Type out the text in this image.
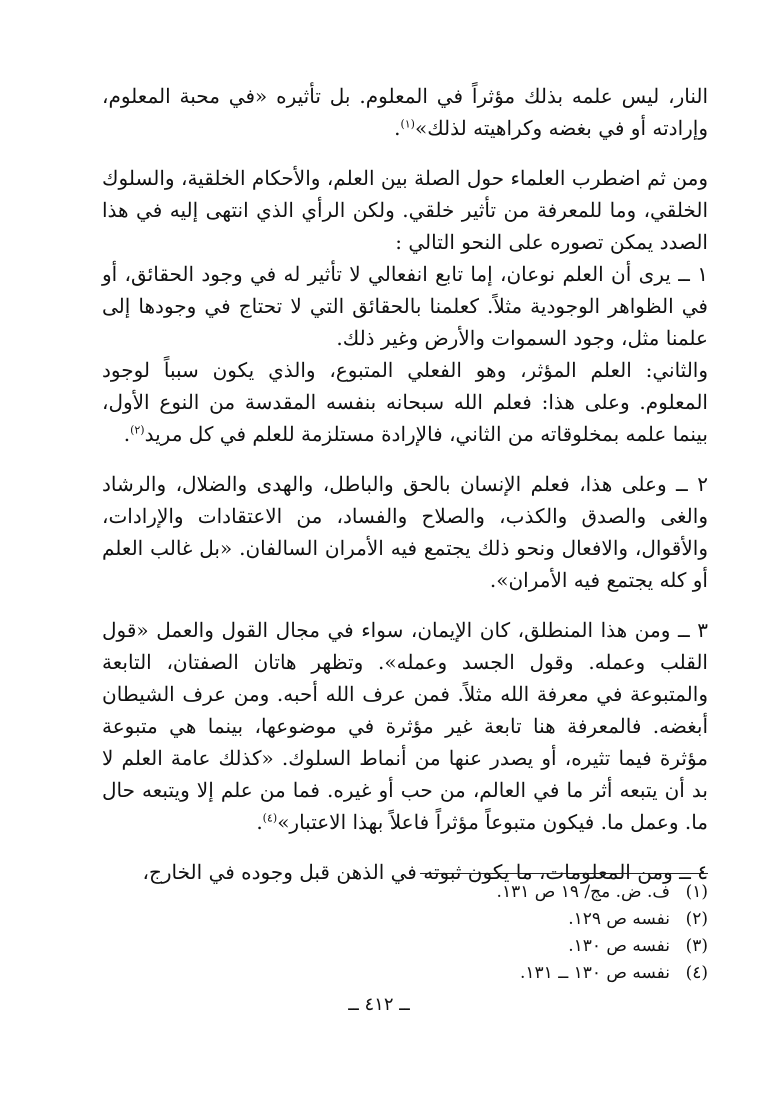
النار، ليس علمه بذلك مؤثراً في المعلوم. بل تأثيره «في محبة المعلوم، وإرادته أو في بغضه وكراهيته لذلك»$^{(١)}$.

ومن ثم اضطرب العلماء حول الصلة بين العلم، والأحكام الخلقية، والسلوك الخلقي، وما للمعرفة من تأثير خلقي. ولكن الرأي الذي انتهى إليه في هذا الصدد يمكن تصوره على النحو التالي :

١ ــ يرى أن العلم نوعان، إما تابع انفعالي لا تأثير له في وجود الحقائق، أو في الظواهر الوجودية مثلاً. كعلمنا بالحقائق التي لا تحتاج في وجودها إلى علمنا مثل، وجود السموات والأرض وغير ذلك.

والثاني: العلم المؤثر، وهو الفعلي المتبوع، والذي يكون سبباً لوجود المعلوم. وعلى هذا: فعلم الله سبحانه بنفسه المقدسة من النوع الأول، بينما علمه بمخلوقاته من الثاني، فالإرادة مستلزمة للعلم في كل مريد$^{(٢)}$.

٢ ــ وعلى هذا، فعلم الإنسان بالحق والباطل، والهدى والضلال، والرشاد والغى والصدق والكذب، والصلاح والفساد، من الاعتقادات والإرادات، والأقوال، والافعال ونحو ذلك يجتمع فيه الأمران السالفان. «بل غالب العلم أو كله يجتمع فيه الأمران».

٣ ــ ومن هذا المنطلق، كان الإيمان، سواء في مجال القول والعمل «قول القلب وعمله. وقول الجسد وعمله». وتظهر هاتان الصفتان، التابعة والمتبوعة في معرفة الله مثلاً. فمن عرف الله أحبه. ومن عرف الشيطان أبغضه. فالمعرفة هنا تابعة غير مؤثرة في موضوعها، بينما هي متبوعة مؤثرة فيما تثيره، أو يصدر عنها من أنماط السلوك. «كذلك عامة العلم لا بد أن يتبعه أثر ما في العالم، من حب أو غيره. فما من علم إلا ويتبعه حال ما. وعمل ما. فيكون متبوعاً مؤثراً فاعلاً بهذا الاعتبار»$^{(٤)}$.

٤ ــ ومن المعلومات، ما يكون ثبوته في الذهن قبل وجوده في الخارج،

(١)ف. ض. مج/ ١٩ ص ١٣١.
(٢)نفسه ص ١٢٩.
(٣)نفسه ص ١٣٠.
(٤)نفسه ص ١٣٠ ــ ١٣١.
ــ ٤١٢ ــ
